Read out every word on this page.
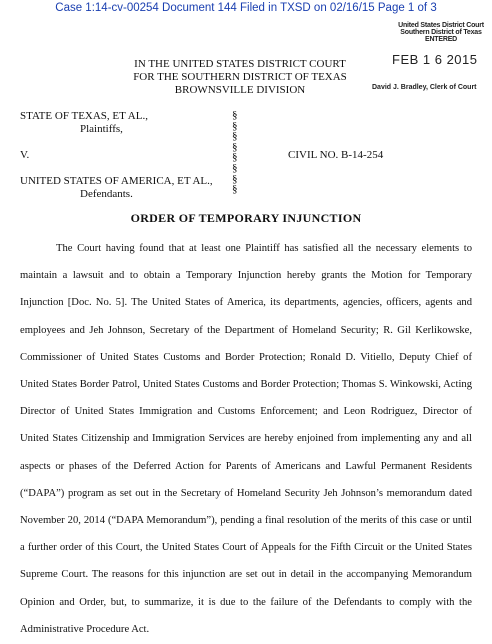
Case 1:14-cv-00254 Document 144 Filed in TXSD on 02/16/15 Page 1 of 3
United States District Court
Southern District of Texas
ENTERED
FEB 1 6 2015
David J. Bradley, Clerk of Court
IN THE UNITED STATES DISTRICT COURT
FOR THE SOUTHERN DISTRICT OF TEXAS
BROWNSVILLE DIVISION
STATE OF TEXAS, ET AL.,

Plaintiffs,
V.
UNITED STATES OF AMERICA, ET AL.,

Defendants.
§
§
§
§
§
§
§
§
CIVIL NO. B-14-254
ORDER OF TEMPORARY INJUNCTION
The Court having found that at least one Plaintiff has satisfied all the necessary elements to maintain a lawsuit and to obtain a Temporary Injunction hereby grants the Motion for Temporary Injunction [Doc. No. 5]. The United States of America, its departments, agencies, officers, agents and employees and Jeh Johnson, Secretary of the Department of Homeland Security; R. Gil Kerlikowske, Commissioner of United States Customs and Border Protection; Ronald D. Vitiello, Deputy Chief of United States Border Patrol, United States Customs and Border Protection; Thomas S. Winkowski, Acting Director of United States Immigration and Customs Enforcement; and Leon Rodriguez, Director of United States Citizenship and Immigration Services are hereby enjoined from implementing any and all aspects or phases of the Deferred Action for Parents of Americans and Lawful Permanent Residents (“DAPA”) program as set out in the Secretary of Homeland Security Jeh Johnson’s memorandum dated November 20, 2014 (“DAPA Memorandum”), pending a final resolution of the merits of this case or until a further order of this Court, the United States Court of Appeals for the Fifth Circuit or the United States Supreme Court. The reasons for this injunction are set out in detail in the accompanying Memorandum Opinion and Order, but, to summarize, it is due to the failure of the Defendants to comply with the Administrative Procedure Act.
